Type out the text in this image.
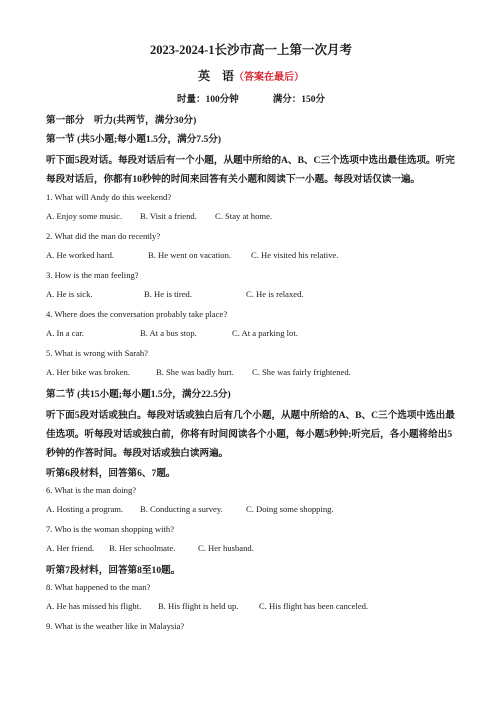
2023-2024-1长沙市高一上第一次月考
英　语（答案在最后）
时量：100分钟	满分：150分
第一部分　听力(共两节，满分30分)
第一节 (共5小题;每小题1.5分，满分7.5分)
听下面5段对话。每段对话后有一个小题，从题中所给的A、B、C三个选项中选出最佳选项。听完每段对话后，你都有10秒钟的时间来回答有关小题和阅读下一小题。每段对话仅读一遍。
1. What will Andy do this weekend?
A. Enjoy some music. B. Visit a friend. C. Stay at home.
2. What did the man do recently?
A. He worked hard.	B. He went on vacation. C. He visited his relative.
3. How is the man feeling?
A. He is sick.	B. He is tired.	C. He is relaxed.
4. Where does the conversation probably take place?
A. In a car.	B. At a bus stop.	C. At a parking lot.
5. What is wrong with Sarah?
A. Her bike was broken.	B. She was badly hurt. C. She was fairly frightened.
第二节 (共15小题;每小题1.5分，满分22.5分)
听下面5段对话或独白。每段对话或独白后有几个小题，从题中所给的A、B、C三个选项中选出最佳选项。听每段对话或独白前，你将有时间阅读各个小题，每小题5秒钟;听完后，各小题将给出5秒钟的作答时间。每段对话或独白读两遍。
听第6段材料，回答第6、7题。
6. What is the man doing?
A. Hosting a program. B. Conducting a survey.	C. Doing some shopping.
7. Who is the woman shopping with?
A. Her friend. B. Her schoolmate.	C. Her husband.
听第7段材料，回答第8至10题。
8. What happened to the man?
A. He has missed his flight. B. His flight is held up. C. His flight has been canceled.
9. What is the weather like in Malaysia?
